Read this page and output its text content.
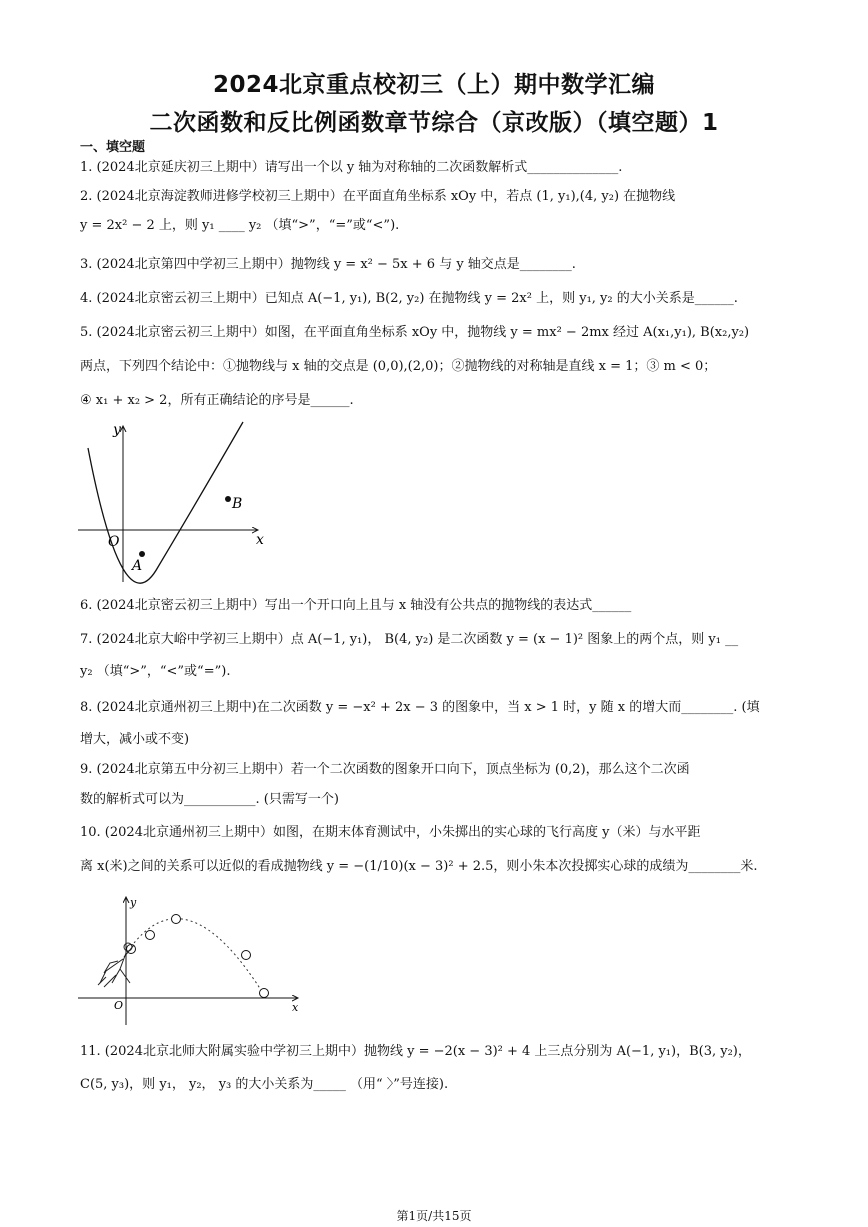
2024北京重点校初三（上）期中数学汇编
二次函数和反比例函数章节综合（京改版）（填空题）1
一、填空题
1. (2024北京延庆初三上期中）请写出一个以 y 轴为对称轴的二次函数解析式______________.
2. (2024北京海淀教师进修学校初三上期中）在平面直角坐标系 xOy 中，若点 (1, y₁),(4, y₂) 在抛物线
y = 2x² − 2 上，则 y₁ ____ y₂ （填“>”，“=”或“<”).
3. (2024北京第四中学初三上期中）抛物线 y = x² − 5x + 6 与 y 轴交点是________.
4. (2024北京密云初三上期中）已知点 A(−1, y₁), B(2, y₂) 在抛物线 y = 2x² 上，则 y₁, y₂ 的大小关系是______.
5. (2024北京密云初三上期中）如图，在平面直角坐标系 xOy 中，抛物线 y = mx² − 2mx 经过 A(x₁,y₁), B(x₂,y₂)
两点，下列四个结论中：①抛物线与 x 轴的交点是 (0,0),(2,0)；②抛物线的对称轴是直线 x = 1；③ m < 0；
④ x₁ + x₂ > 2，所有正确结论的序号是______.
y
x
O
A
B
6. (2024北京密云初三上期中）写出一个开口向上且与 x 轴没有公共点的抛物线的表达式______
7. (2024北京大峪中学初三上期中）点 A(−1, y₁)， B(4, y₂) 是二次函数 y = (x − 1)² 图象上的两个点，则 y₁ __
y₂ （填“>”，“<”或“=”).
8. (2024北京通州初三上期中)在二次函数 y = −x² + 2x − 3 的图象中，当 x > 1 时，y 随 x 的增大而________. (填
增大，减小或不变)
9. (2024北京第五中分初三上期中）若一个二次函数的图象开口向下，顶点坐标为 (0,2)，那么这个二次函
数的解析式可以为___________. (只需写一个)
10. (2024北京通州初三上期中）如图，在期末体育测试中，小朱掷出的实心球的飞行高度 y（米）与水平距
离 x(米)之间的关系可以近似的看成抛物线 y = −(1/10)(x − 3)² + 2.5，则小朱本次投掷实心球的成绩为________米.
y
x
O
11. (2024北京北师大附属实验中学初三上期中）抛物线 y = −2(x − 3)² + 4 上三点分别为 A(−1, y₁)，B(3, y₂)，
C(5, y₃)，则 y₁， y₂， y₃ 的大小关系为_____ （用“ 〉”号连接).
第1页/共15页
